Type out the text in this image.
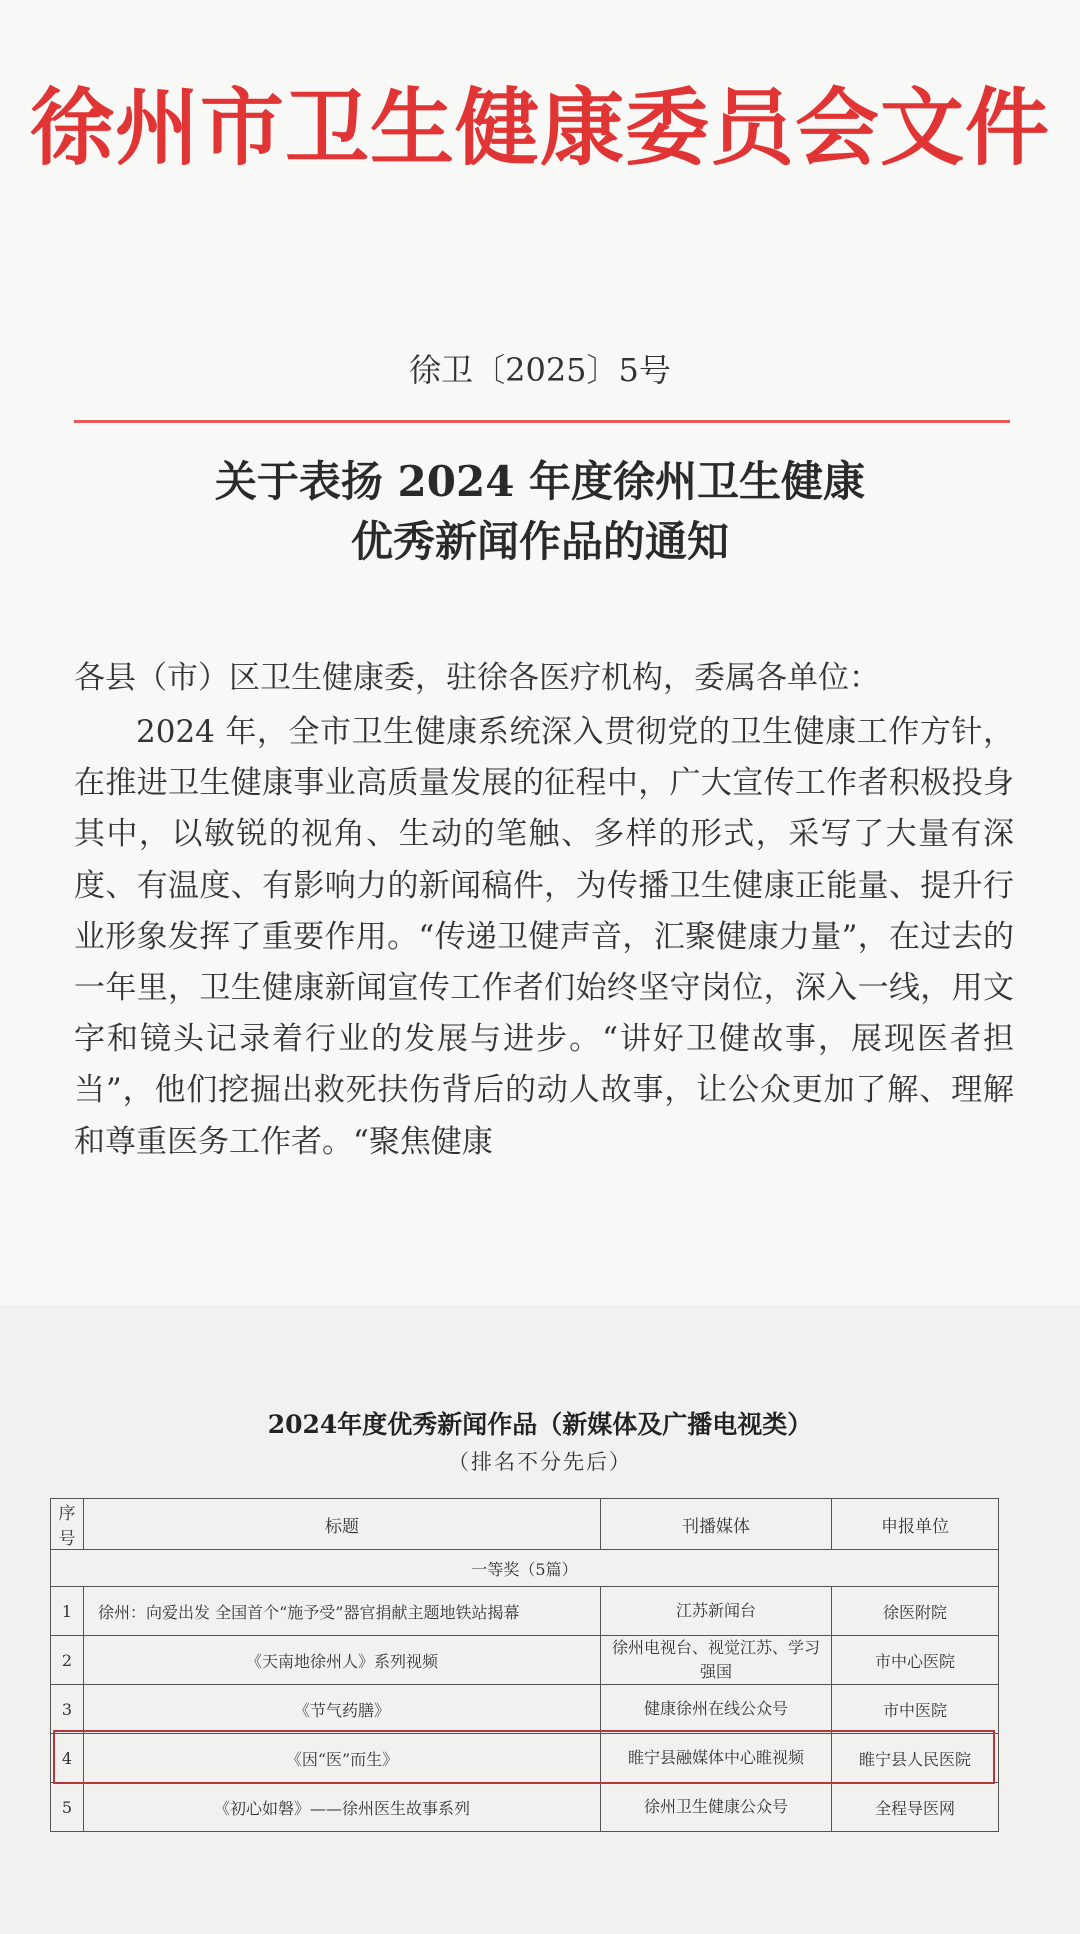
徐州市卫生健康委员会文件
徐卫〔2025〕5号
关于表扬 2024 年度徐州卫生健康
优秀新闻作品的通知
各县（市）区卫生健康委，驻徐各医疗机构，委属各单位：
2024 年，全市卫生健康系统深入贯彻党的卫生健康工作方针，在推进卫生健康事业高质量发展的征程中，广大宣传工作者积极投身其中，以敏锐的视角、生动的笔触、多样的形式，采写了大量有深度、有温度、有影响力的新闻稿件，为传播卫生健康正能量、提升行业形象发挥了重要作用。“传递卫健声音，汇聚健康力量”，在过去的一年里，卫生健康新闻宣传工作者们始终坚守岗位，深入一线，用文字和镜头记录着行业的发展与进步。“讲好卫健故事，展现医者担当”，他们挖掘出救死扶伤背后的动人故事，让公众更加了解、理解和尊重医务工作者。“聚焦健康
2024年度优秀新闻作品（新媒体及广播电视类）
（排名不分先后）
序号	标题	刊播媒体	申报单位
一等奖（5篇）			
1	徐州：向爱出发 全国首个“施予受”器官捐献主题地铁站揭幕	江苏新闻台	徐医附院
2	《天南地徐州人》系列视频	徐州电视台、视觉江苏、学习强国	市中心医院
3	《节气药膳》	健康徐州在线公众号	市中医院
4	《因“医”而生》	睢宁县融媒体中心睢视频	睢宁县人民医院
5	《初心如磐》——徐州医生故事系列	徐州卫生健康公众号	全程导医网
